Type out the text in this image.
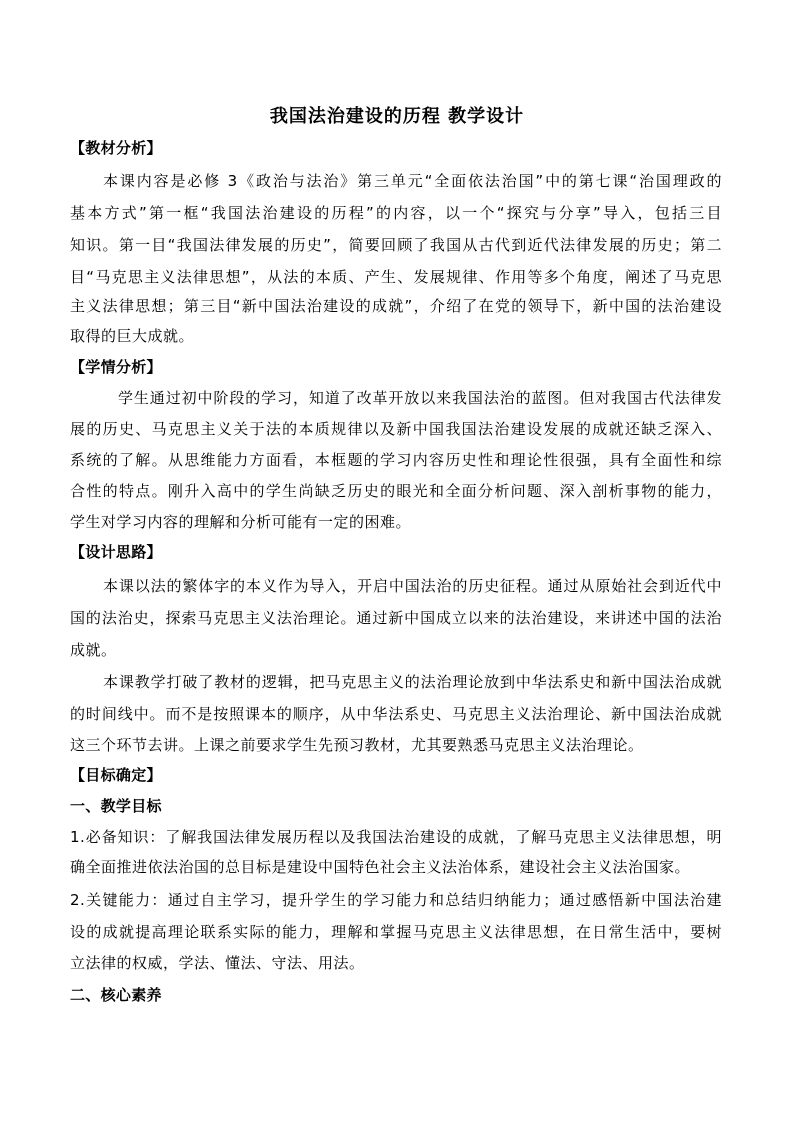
我国法治建设的历程 教学设计
【教材分析】
本课内容是必修 3《政治与法治》第三单元“全面依法治国”中的第七课“治国理政的
基本方式”第一框“我国法治建设的历程”的内容，以一个“探究与分享”导入，包括三目
知识。第一目“我国法律发展的历史”，简要回顾了我国从古代到近代法律发展的历史；第二
目“马克思主义法律思想”，从法的本质、产生、发展规律、作用等多个角度，阐述了马克思
主义法律思想；第三目“新中国法治建设的成就”，介绍了在党的领导下，新中国的法治建设
取得的巨大成就。
【学情分析】
学生通过初中阶段的学习，知道了改革开放以来我国法治的蓝图。但对我国古代法律发
展的历史、马克思主义关于法的本质规律以及新中国我国法治建设发展的成就还缺乏深入、
系统的了解。从思维能力方面看，本框题的学习内容历史性和理论性很强，具有全面性和综
合性的特点。刚升入高中的学生尚缺乏历史的眼光和全面分析问题、深入剖析事物的能力，
学生对学习内容的理解和分析可能有一定的困难。
【设计思路】
本课以法的繁体字的本义作为导入，开启中国法治的历史征程。通过从原始社会到近代中
国的法治史，探索马克思主义法治理论。通过新中国成立以来的法治建设，来讲述中国的法治
成就。
本课教学打破了教材的逻辑，把马克思主义的法治理论放到中华法系史和新中国法治成就
的时间线中。而不是按照课本的顺序，从中华法系史、马克思主义法治理论、新中国法治成就
这三个环节去讲。上课之前要求学生先预习教材，尤其要熟悉马克思主义法治理论。
【目标确定】
一、教学目标
1.必备知识：了解我国法律发展历程以及我国法治建设的成就，了解马克思主义法律思想，明
确全面推进依法治国的总目标是建设中国特色社会主义法治体系，建设社会主义法治国家。
2.关键能力：通过自主学习，提升学生的学习能力和总结归纳能力；通过感悟新中国法治建
设的成就提高理论联系实际的能力，理解和掌握马克思主义法律思想，在日常生活中，要树
立法律的权威，学法、懂法、守法、用法。
二、核心素养
